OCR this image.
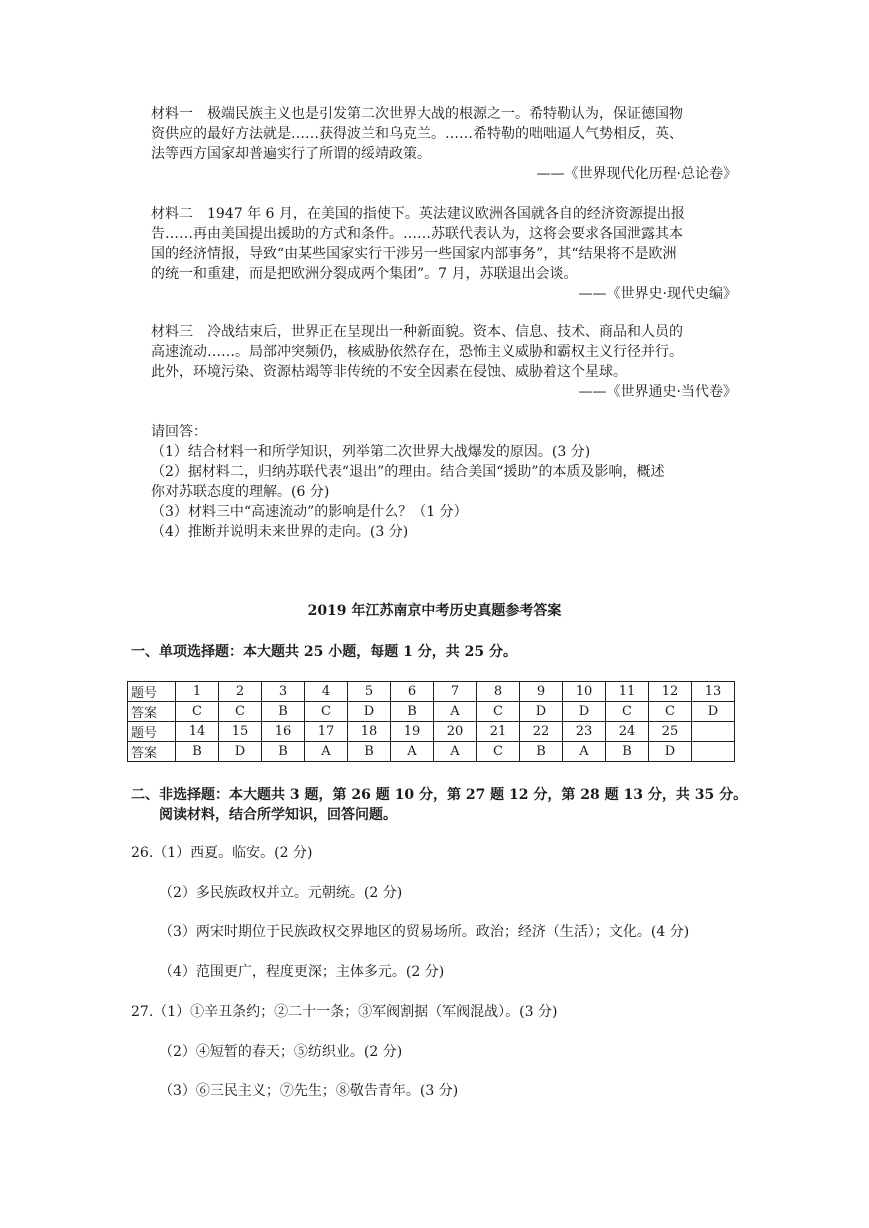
材料一　极端民族主义也是引发第二次世界大战的根源之一。希特勒认为，保证德国物

资供应的最好方法就是……获得波兰和乌克兰。……希特勒的咄咄逼人气势相反，英、

法等西方国家却普遍实行了所谓的绥靖政策。

——《世界现代化历程·总论卷》

材料二　1947 年 6 月，在美国的指使下。英法建议欧洲各国就各自的经济资源提出报

告……再由美国提出援助的方式和条件。……苏联代表认为，这将会要求各国泄露其本

国的经济情报，导致“由某些国家实行干涉另一些国家内部事务”，其“结果将不是欧洲

的统一和重建，而是把欧洲分裂成两个集团”。7 月，苏联退出会谈。

——《世界史·现代史编》

材料三　冷战结束后，世界正在呈现出一种新面貌。资本、信息、技术、商品和人员的

高速流动……。局部冲突频仍，核威胁依然存在，恐怖主义威胁和霸权主义行径并行。

此外，环境污染、资源枯竭等非传统的不安全因素在侵蚀、威胁着这个星球。

——《世界通史·当代卷》

请回答：

（1）结合材料一和所学知识，列举第二次世界大战爆发的原因。(3 分)

（2）据材料二，归纳苏联代表“退出”的理由。结合美国“援助”的本质及影响，概述

你对苏联态度的理解。(6 分)

（3）材料三中“高速流动”的影响是什么？（1 分）

（4）推断并说明未来世界的走向。(3 分)

2019 年江苏南京中考历史真题参考答案
一、单项选择题：本大题共 25 小题，每题 1 分，共 25 分。
题号	1	2	3	4	5	6	7	8	9	10	11	12	13
答案	C	C	B	C	D	B	A	C	D	D	C	C	D
题号	14	15	16	17	18	19	20	21	22	23	24	25	
答案	B	D	B	A	B	A	A	C	B	A	B	D	
二、非选择题：本大题共 3 题，第 26 题 10 分，第 27 题 12 分，第 28 题 13 分，共 35 分。
　　阅读材料，结合所学知识，回答问题。
26.（1）西夏。临安。(2 分)
（2）多民族政权并立。元朝统。(2 分)
（3）两宋时期位于民族政权交界地区的贸易场所。政治；经济（生活）；文化。(4 分)
（4）范围更广，程度更深；主体多元。(2 分)
27.（1）①辛丑条约；②二十一条；③军阀割据（军阀混战）。(3 分)
（2）④短暂的春天；⑤纺织业。(2 分)
（3）⑥三民主义；⑦先生；⑧敬告青年。(3 分)
